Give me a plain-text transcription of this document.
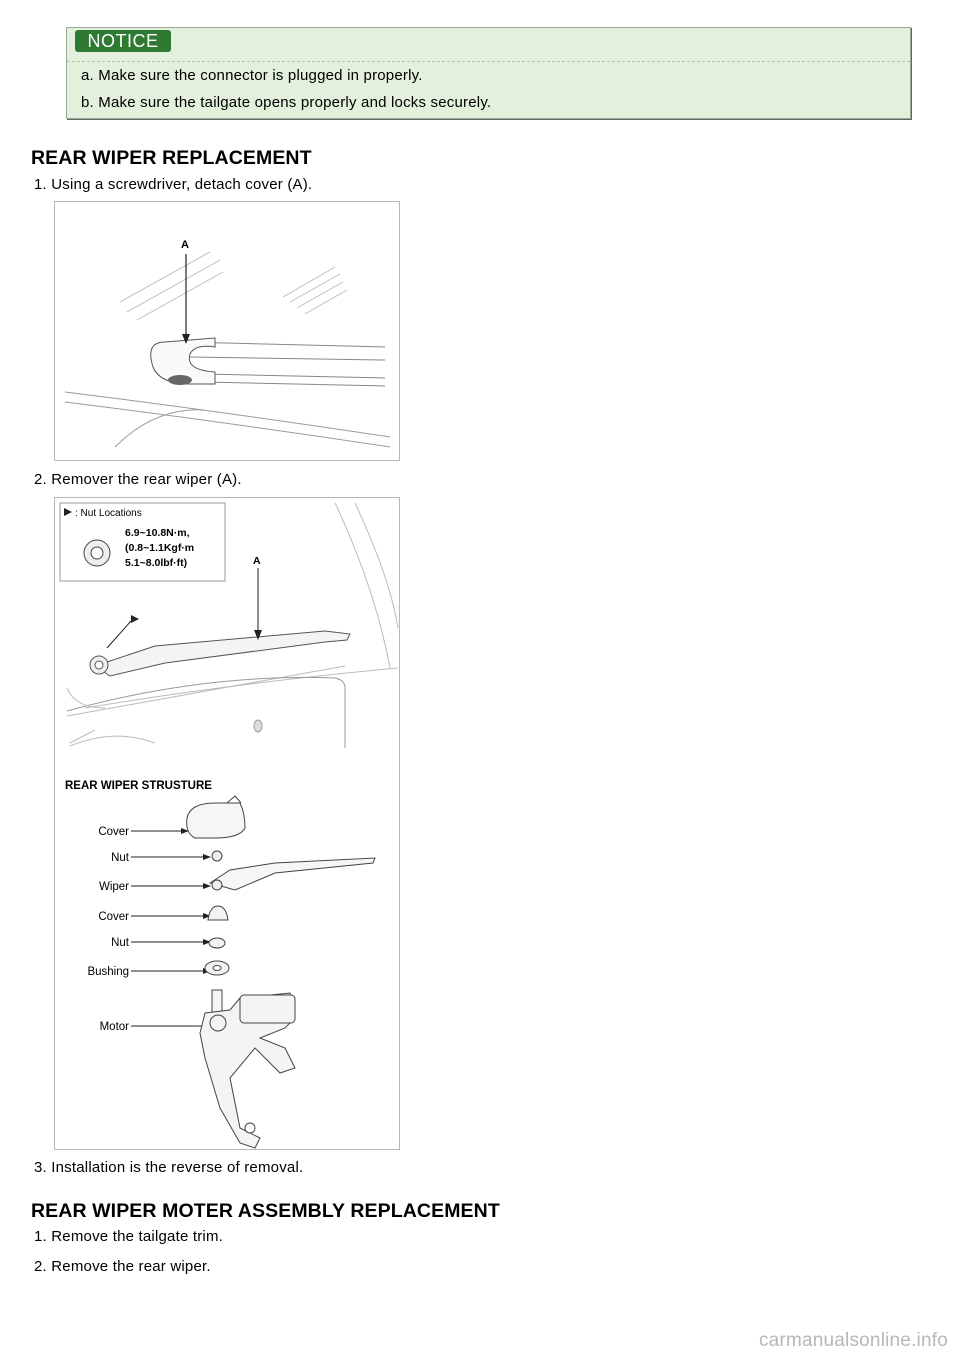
NOTICE
a. Make sure the connector is plugged in properly.
b. Make sure the tailgate opens properly and locks securely.
REAR WIPER REPLACEMENT
1. Using a screwdriver, detach cover (A).
A
2. Remover the rear wiper (A).
: Nut Locations
6.9~10.8N·m,
(0.8~1.1Kgf·m
5.1~8.0lbf·ft)	A
REAR WIPER STRUSTURE
Cover
Nut
Wiper
Cover
Nut
Bushing
Motor
3. Installation is the reverse of removal.
REAR WIPER MOTER ASSEMBLY REPLACEMENT
1. Remove the tailgate trim.
2. Remove the rear wiper.
carmanualsonline.info
